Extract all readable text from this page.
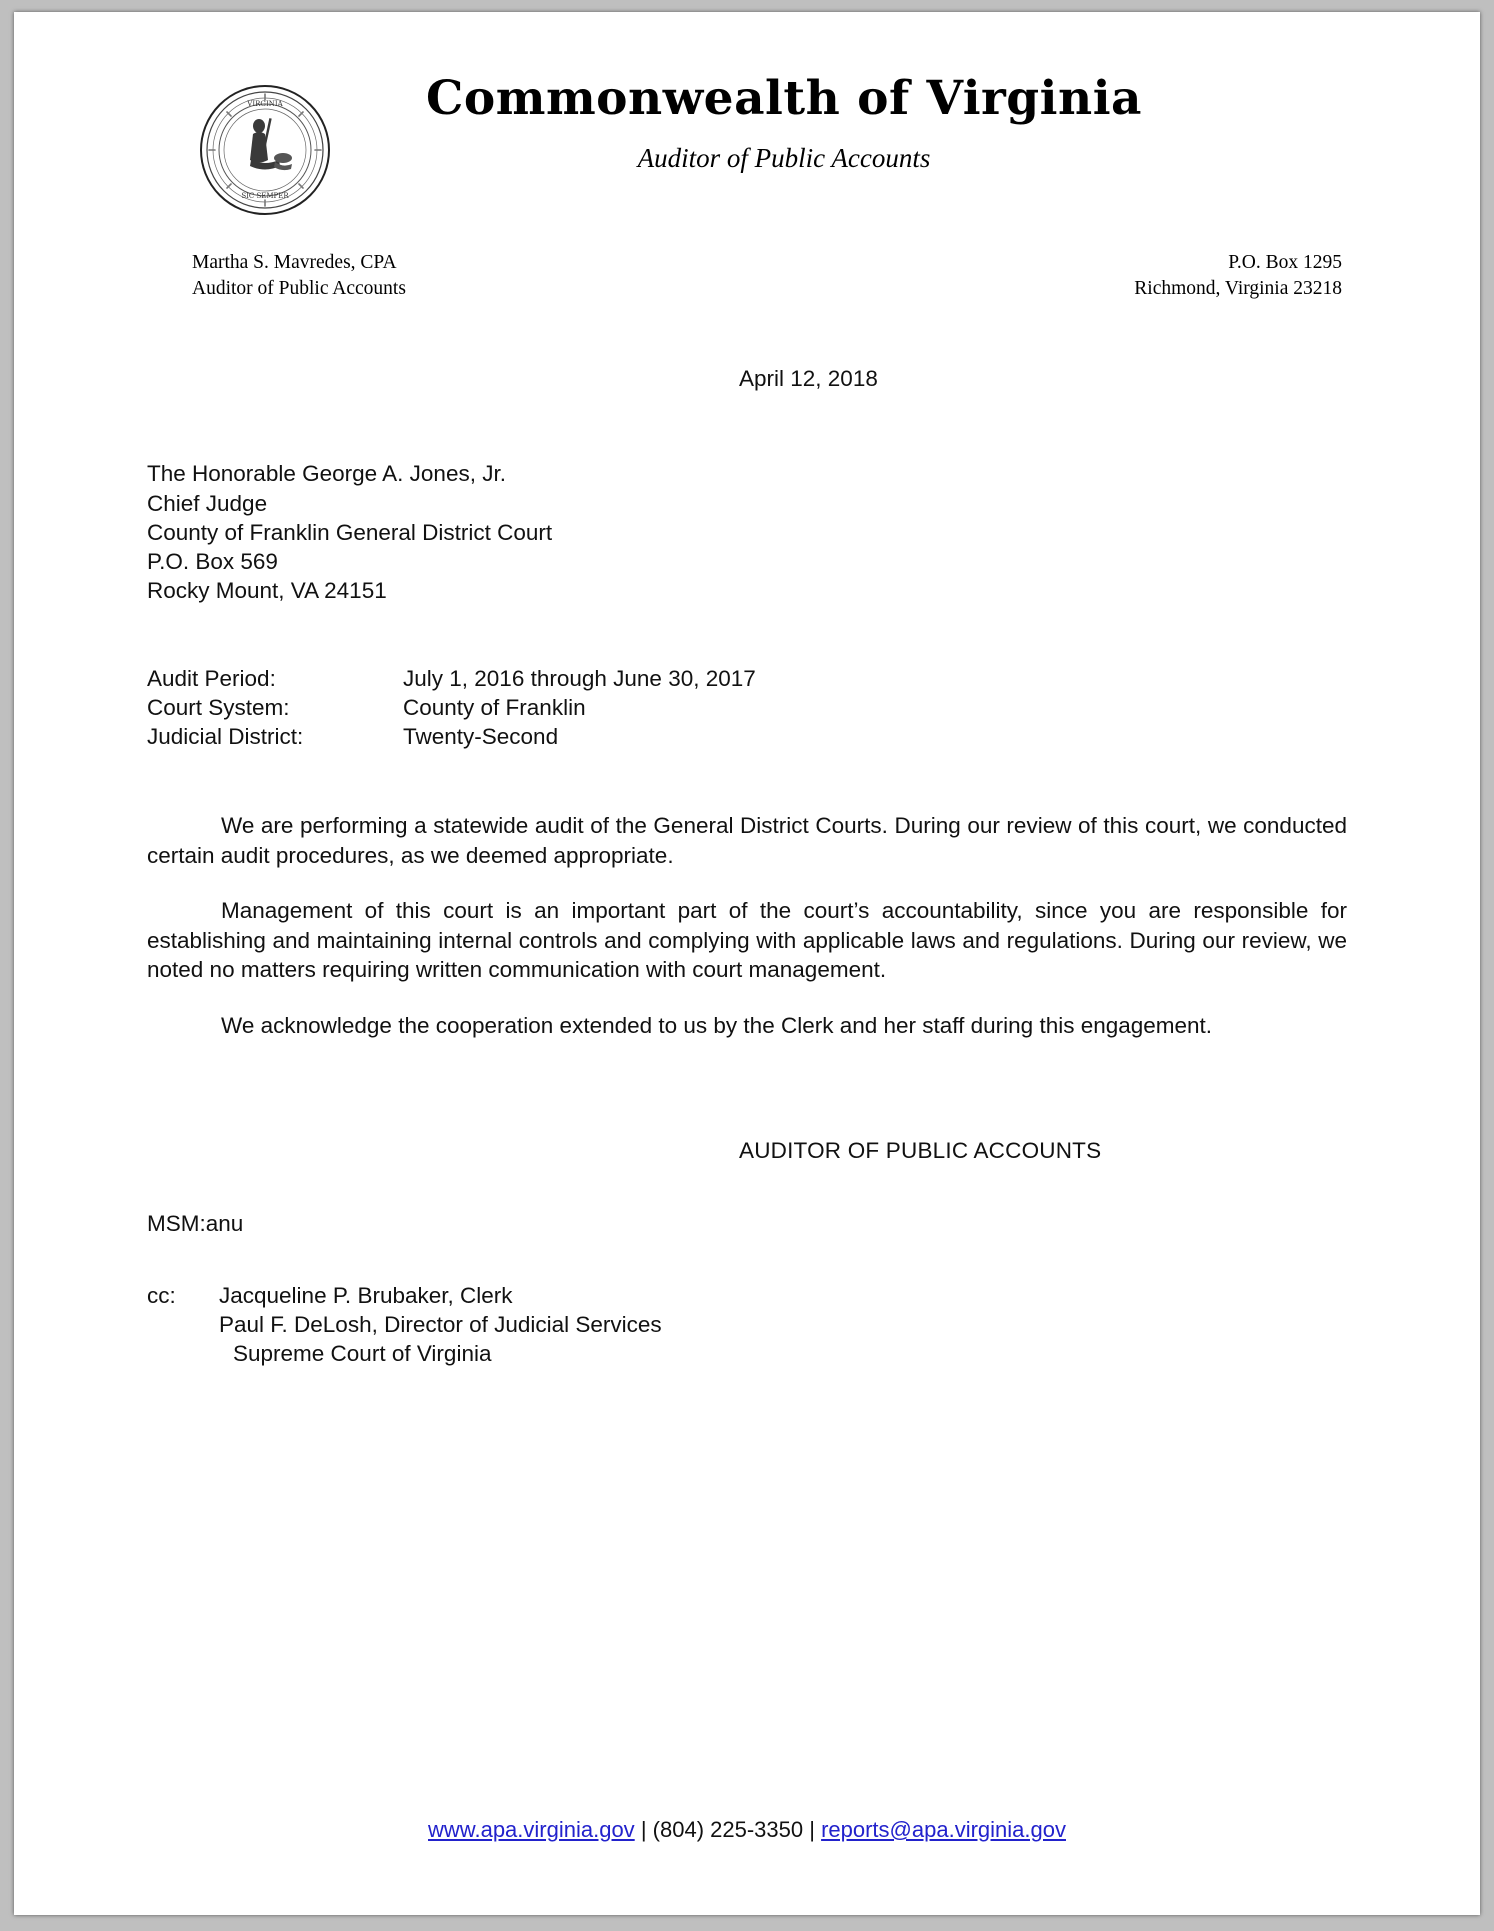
SIC SEMPER
VIRGINIA	Commonwealth of Virginia
Auditor of Public Accounts
Martha S. Mavredes, CPA
Auditor of Public Accounts
P.O. Box 1295
Richmond, Virginia 23218
April 12, 2018
The Honorable George A. Jones, Jr.
Chief Judge
County of Franklin General District Court
P.O. Box 569
Rocky Mount, VA 24151
Audit Period:	July 1, 2016 through June 30, 2017
Court System:	County of Franklin
Judicial District:	Twenty-Second

We are performing a statewide audit of the General District Courts. During our review of this court, we conducted certain audit procedures, as we deemed appropriate.

Management of this court is an important part of the court’s accountability, since you are responsible for establishing and maintaining internal controls and complying with applicable laws and regulations. During our review, we noted no matters requiring written communication with court management.

We acknowledge the cooperation extended to us by the Clerk and her staff during this engagement.

AUDITOR OF PUBLIC ACCOUNTS
MSM:anu
cc:	Jacqueline P. Brubaker, Clerk
Paul F. DeLosh, Director of Judicial Services
Supreme Court of Virginia
www.apa.virginia.gov | (804) 225-3350 | reports@apa.virginia.gov
